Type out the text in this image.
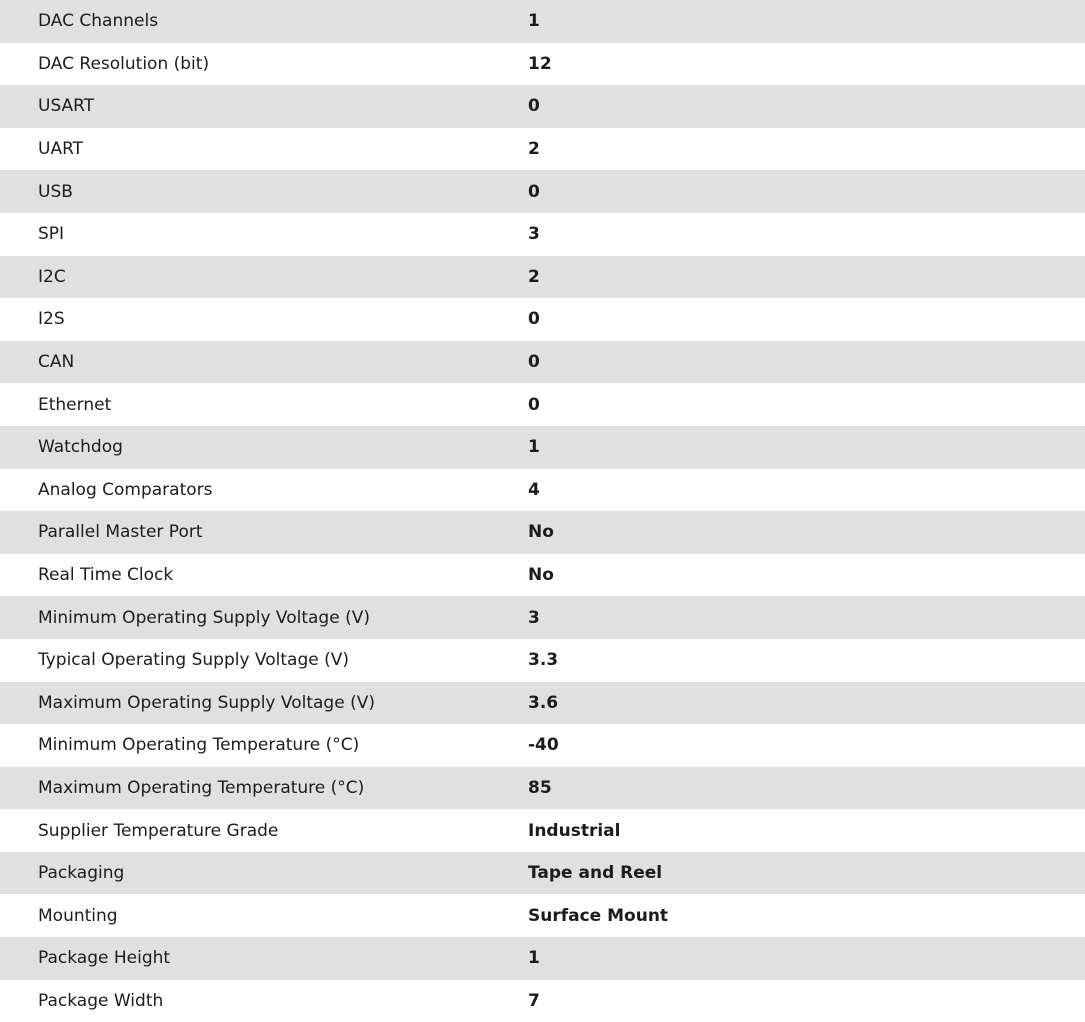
DAC Channels	1
DAC Resolution (bit)	12
USART	0
UART	2
USB	0
SPI	3
I2C	2
I2S	0
CAN	0
Ethernet	0
Watchdog	1
Analog Comparators	4
Parallel Master Port	No
Real Time Clock	No
Minimum Operating Supply Voltage (V)	3
Typical Operating Supply Voltage (V)	3.3
Maximum Operating Supply Voltage (V)	3.6
Minimum Operating Temperature (°C)	-40
Maximum Operating Temperature (°C)	85
Supplier Temperature Grade	Industrial
Packaging	Tape and Reel
Mounting	Surface Mount
Package Height	1
Package Width	7
